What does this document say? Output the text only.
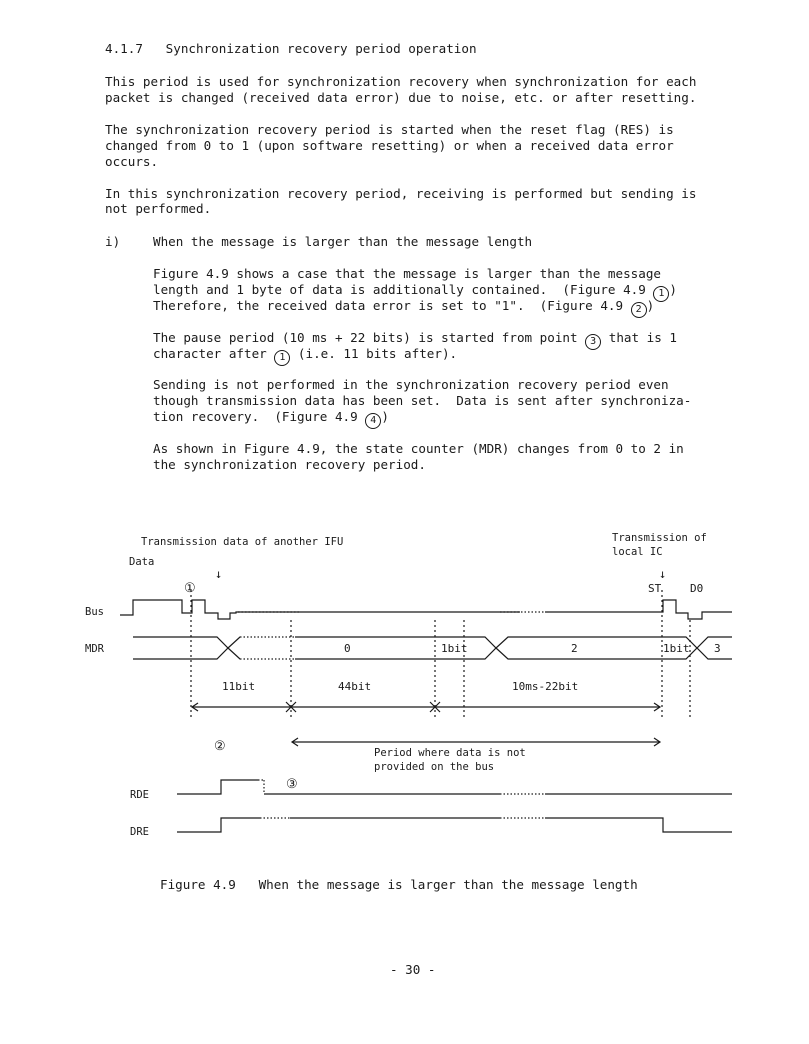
4.1.7 Synchronization recovery period operation
This period is used for synchronization recovery when synchronization for each
packet is changed (received data error) due to noise, etc. or after resetting.
The synchronization recovery period is started when the reset flag (RES) is
changed from 0 to 1 (upon software resetting) or when a received data error
occurs.
In this synchronization recovery period, receiving is performed but sending is
not performed.
i)	When the message is larger than the message length
Figure 4.9 shows a case that the message is larger than the message
length and 1 byte of data is additionally contained.  (Figure 4.9 1 )
Therefore, the received data error is set to "1".  (Figure 4.9 2 )
The pause period (10 ms + 22 bits) is started from point 3 that is 1
character after 1 (i.e. 11 bits after).
Sending is not performed in the synchronization recovery period even
though transmission data has been set.  Data is sent after synchroniza-
tion recovery.  (Figure 4.9 4 )
As shown in Figure 4.9, the state counter (MDR) changes from 0 to 2 in
the synchronization recovery period.
Transmission data of another IFU
Data
Transmission of
local IC
↓	↓
①	ST	D0
Bus
MDR	0	1bit	2	1bit 3
11bit	44bit	10ms-22bit
②	Period where data is not
provided on the bus
③
RDE
DRE
Figure 4.9 When the message is larger than the message length
- 30 -
